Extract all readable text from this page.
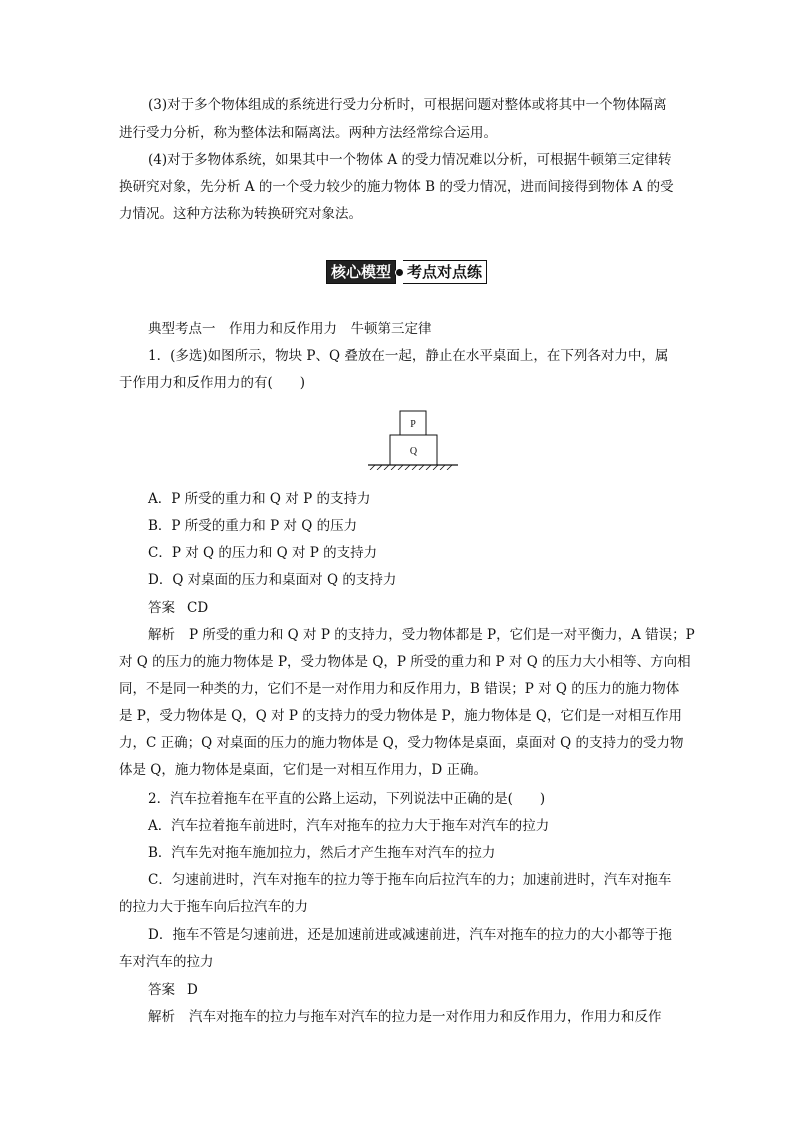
(3)对于多个物体组成的系统进行受力分析时，可根据问题对整体或将其中一个物体隔离
进行受力分析，称为整体法和隔离法。两种方法经常综合运用。
(4)对于多物体系统，如果其中一个物体 A 的受力情况难以分析，可根据牛顿第三定律转
换研究对象，先分析 A 的一个受力较少的施力物体 B 的受力情况，进而间接得到物体 A 的受
力情况。这种方法称为转换研究对象法。
核心模型	考点对点练
典型考点一　作用力和反作用力　牛顿第三定律
1．(多选)如图所示，物块 P、Q 叠放在一起，静止在水平桌面上，在下列各对力中，属
于作用力和反作用力的有(　　)
P
Q
A．P 所受的重力和 Q 对 P 的支持力
B．P 所受的重力和 P 对 Q 的压力
C．P 对 Q 的压力和 Q 对 P 的支持力
D．Q 对桌面的压力和桌面对 Q 的支持力
答案 CD
解析 P 所受的重力和 Q 对 P 的支持力，受力物体都是 P，它们是一对平衡力，A 错误；P
对 Q 的压力的施力物体是 P，受力物体是 Q，P 所受的重力和 P 对 Q 的压力大小相等、方向相
同，不是同一种类的力，它们不是一对作用力和反作用力，B 错误；P 对 Q 的压力的施力物体
是 P，受力物体是 Q，Q 对 P 的支持力的受力物体是 P，施力物体是 Q，它们是一对相互作用
力，C 正确；Q 对桌面的压力的施力物体是 Q，受力物体是桌面，桌面对 Q 的支持力的受力物
体是 Q，施力物体是桌面，它们是一对相互作用力，D 正确。
2．汽车拉着拖车在平直的公路上运动，下列说法中正确的是(　　)
A．汽车拉着拖车前进时，汽车对拖车的拉力大于拖车对汽车的拉力
B．汽车先对拖车施加拉力，然后才产生拖车对汽车的拉力
C．匀速前进时，汽车对拖车的拉力等于拖车向后拉汽车的力；加速前进时，汽车对拖车
的拉力大于拖车向后拉汽车的力
D．拖车不管是匀速前进，还是加速前进或减速前进，汽车对拖车的拉力的大小都等于拖
车对汽车的拉力
答案 D
解析 汽车对拖车的拉力与拖车对汽车的拉力是一对作用力和反作用力，作用力和反作
